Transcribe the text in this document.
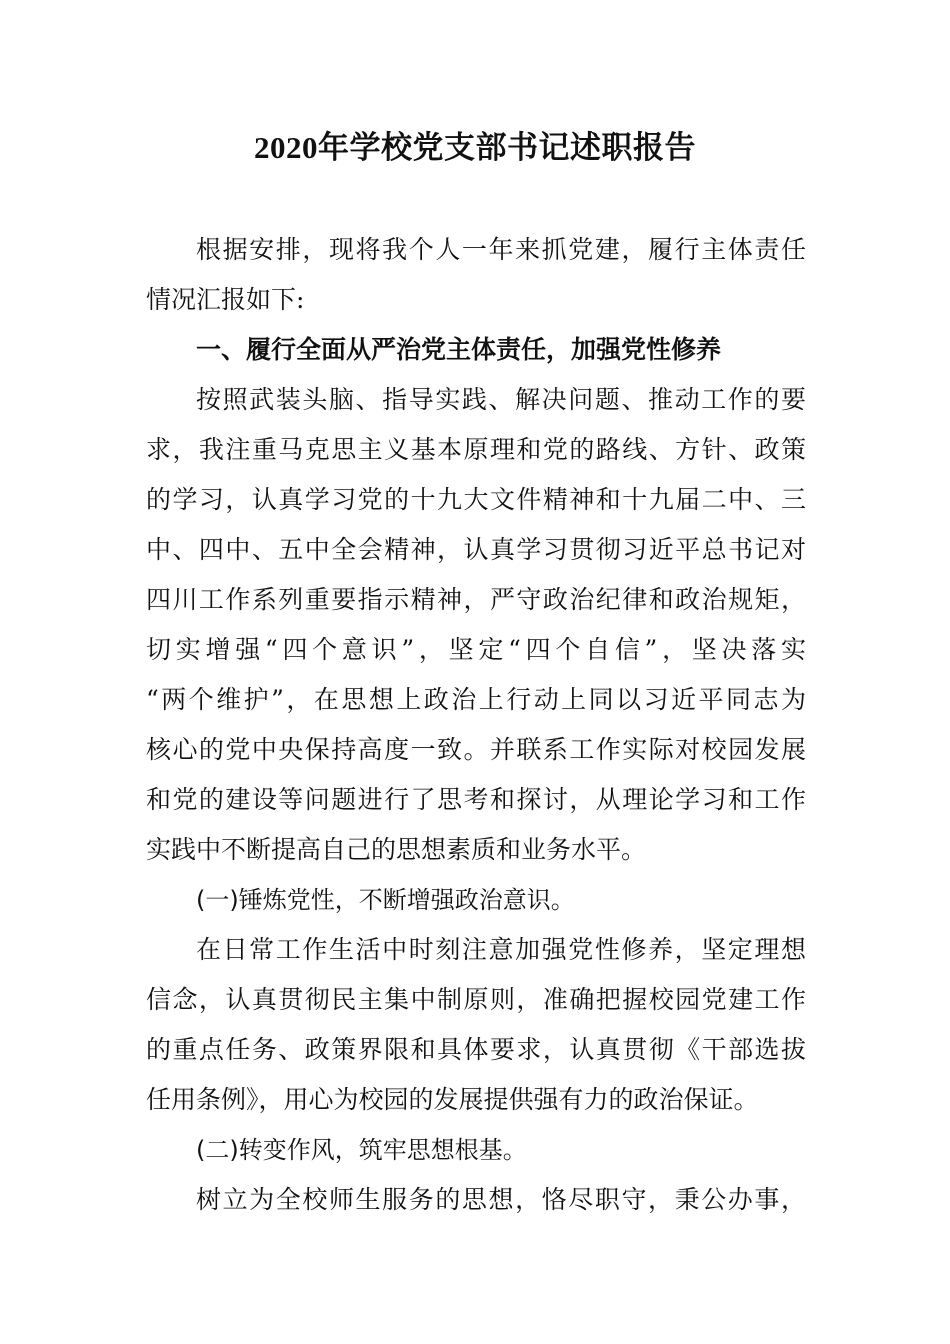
2020年学校党支部书记述职报告
根据安排，现将我个人一年来抓党建，履行主体责任
情况汇报如下:
一、履行全面从严治党主体责任，加强党性修养
按照武装头脑、指导实践、解决问题、推动工作的要
求，我注重马克思主义基本原理和党的路线、方针、政策
的学习，认真学习党的十九大文件精神和十九届二中、三
中、四中、五中全会精神，认真学习贯彻习近平总书记对
四川工作系列重要指示精神，严守政治纪律和政治规矩，
切实增强“四个意识”，坚定“四个自信”，坚决落实
“两个维护”，在思想上政治上行动上同以习近平同志为
核心的党中央保持高度一致。并联系工作实际对校园发展
和党的建设等问题进行了思考和探讨，从理论学习和工作
实践中不断提高自己的思想素质和业务水平。
(一)锤炼党性，不断增强政治意识。
在日常工作生活中时刻注意加强党性修养，坚定理想
信念，认真贯彻民主集中制原则，准确把握校园党建工作
的重点任务、政策界限和具体要求，认真贯彻《干部选拔
任用条例》，用心为校园的发展提供强有力的政治保证。
(二)转变作风，筑牢思想根基。
树立为全校师生服务的思想，恪尽职守，秉公办事，
